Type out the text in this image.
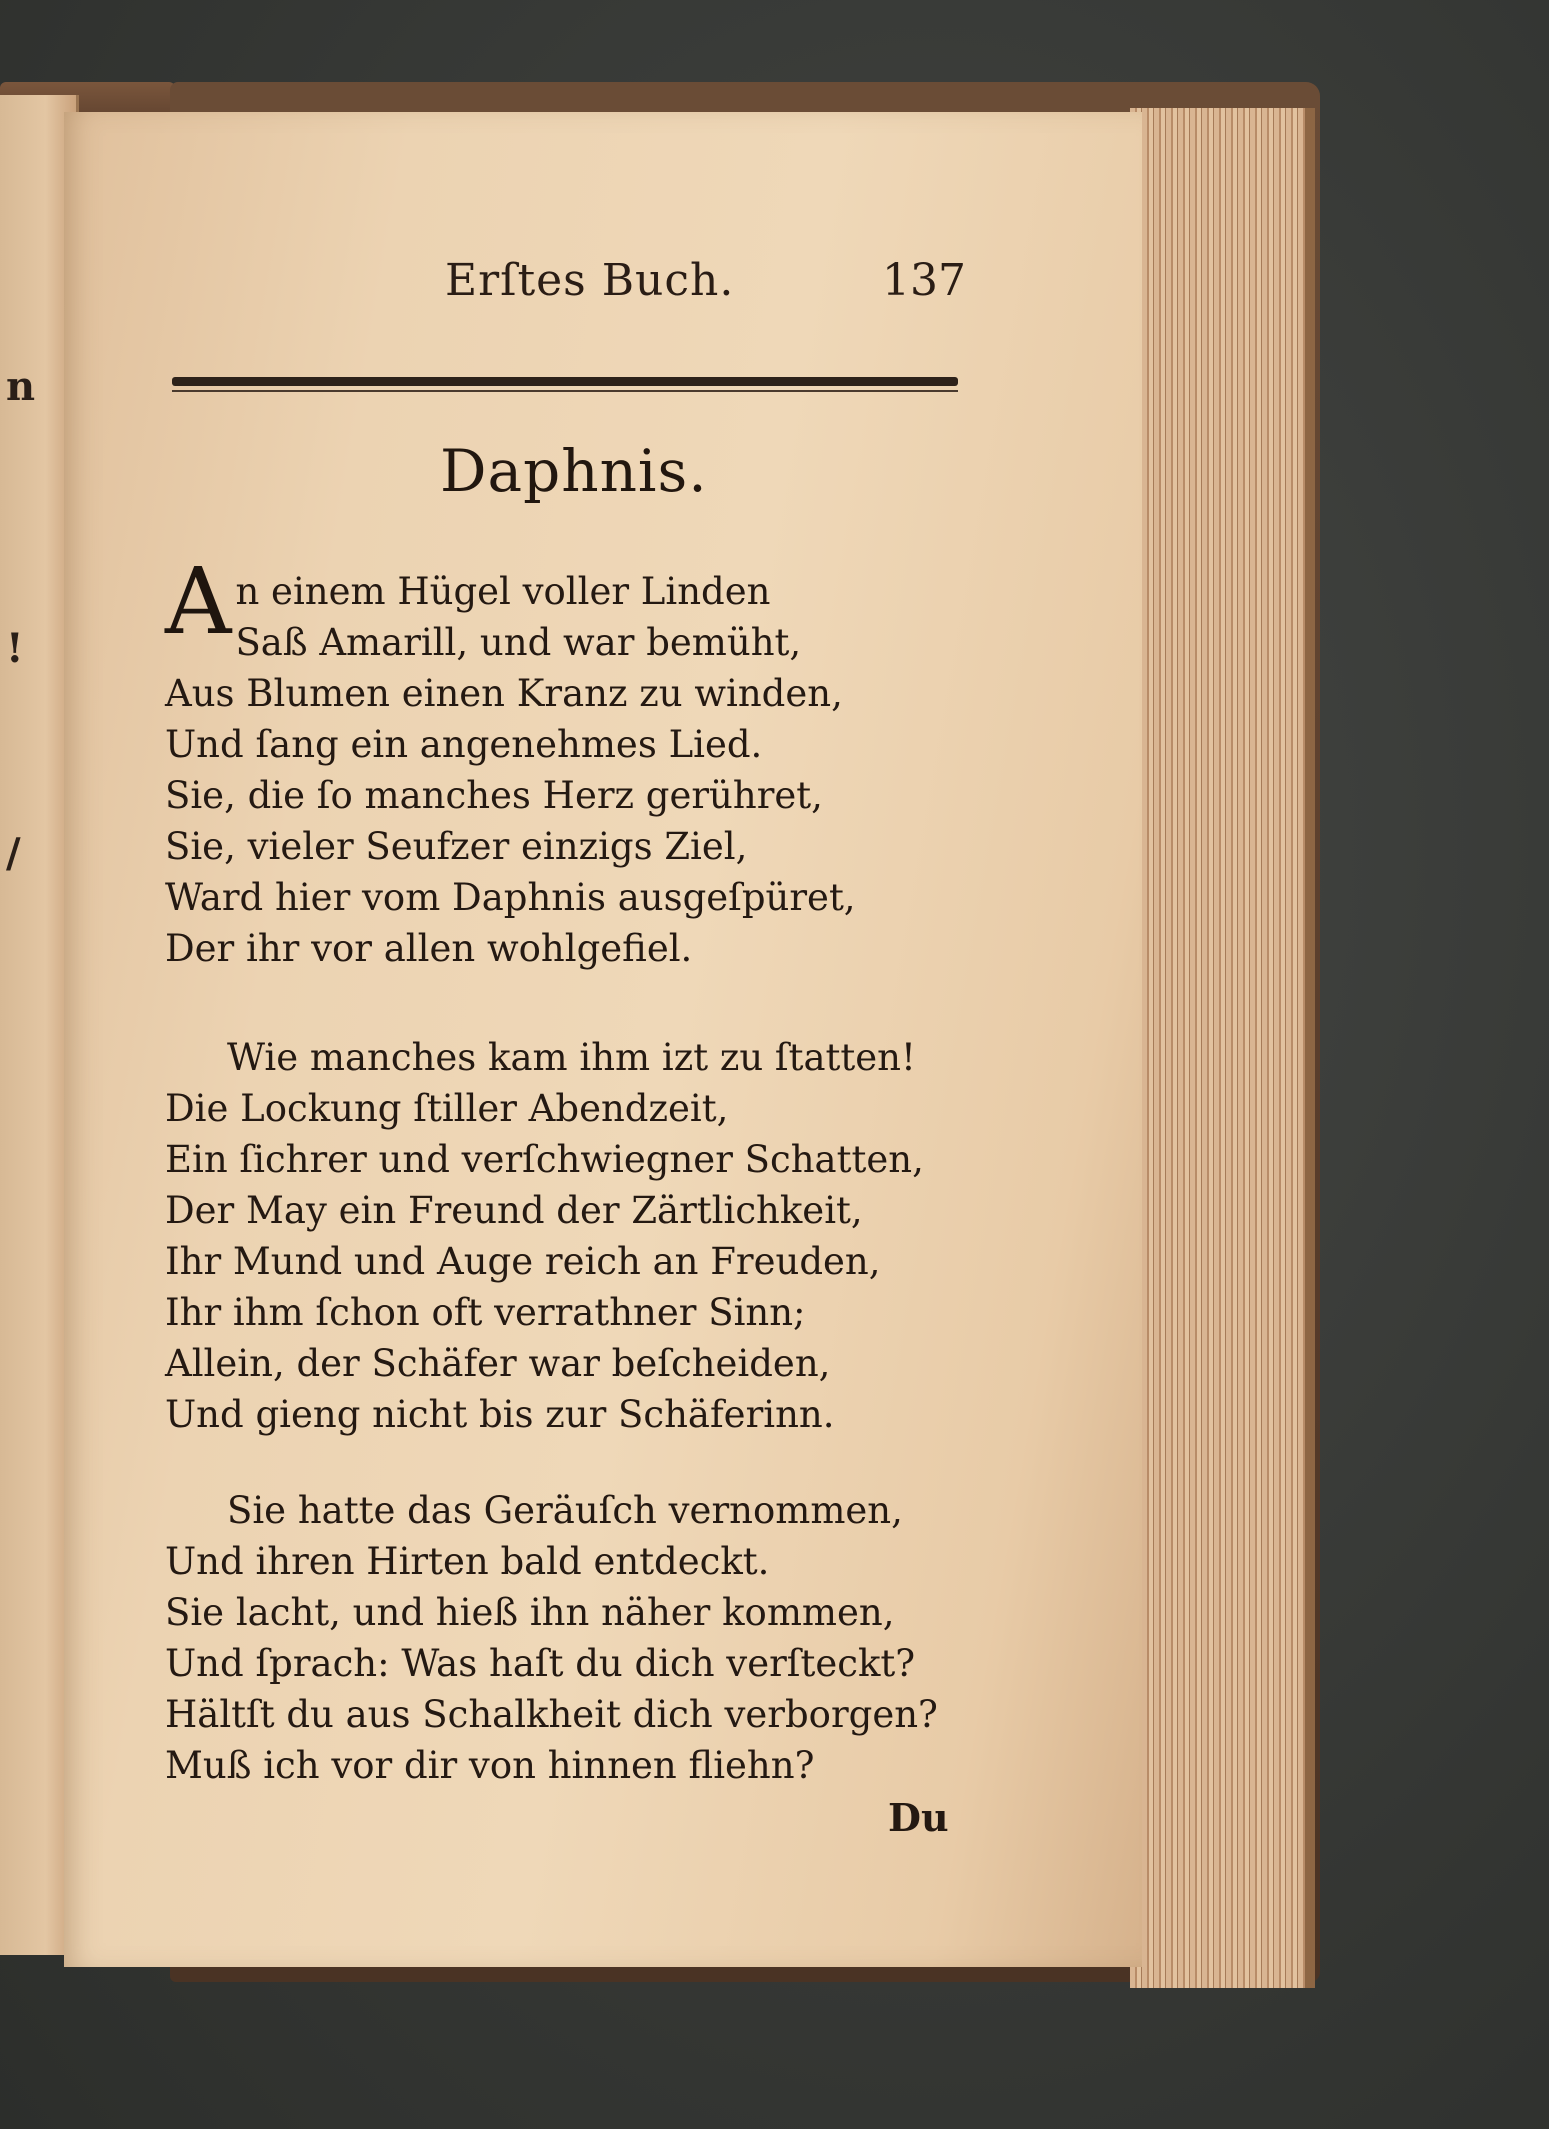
n
!
/
Erſtes Buch.	137
Daphnis.
A n einem Hügel voller Linden
Saß Amarill, und war bemüht,
Aus Blumen einen Kranz zu winden,
Und ſang ein angenehmes Lied.
Sie, die ſo manches Herz gerühret,
Sie, vieler Seufzer einzigs Ziel,
Ward hier vom Daphnis ausgeſpüret,
Der ihr vor allen wohlgefiel.
Wie manches kam ihm izt zu ſtatten!
Die Lockung ſtiller Abendzeit,
Ein ſichrer und verſchwiegner Schatten,
Der May ein Freund der Zärtlichkeit,
Ihr Mund und Auge reich an Freuden,
Ihr ihm ſchon oft verrathner Sinn;
Allein, der Schäfer war beſcheiden,
Und gieng nicht bis zur Schäferinn.
Sie hatte das Geräuſch vernommen,
Und ihren Hirten bald entdeckt.
Sie lacht, und hieß ihn näher kommen,
Und ſprach: Was haſt du dich verſteckt?
Hältſt du aus Schalkheit dich verborgen?
Muß ich vor dir von hinnen fliehn?
Du
